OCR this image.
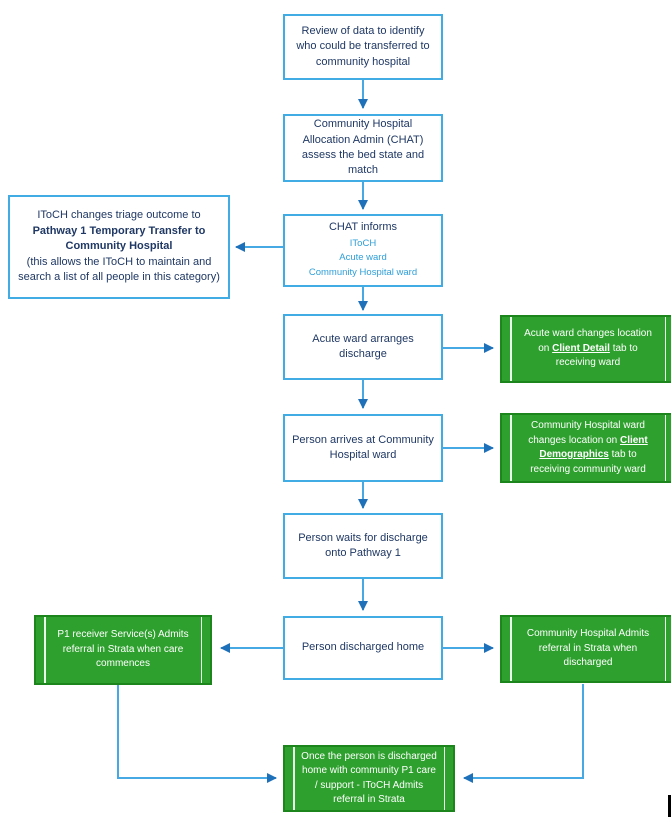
Review of data to identify who could be transferred to community hospital
Community Hospital Allocation Admin (CHAT) assess the bed state and match
CHAT informs
IToCH
Acute ward
Community Hospital ward
IToCH changes triage outcome to
Pathway 1 Temporary Transfer to Community Hospital
(this allows the IToCH to maintain and search a list of all people in this category)
Acute ward arranges discharge
Person arrives at Community Hospital ward
Person waits for discharge onto Pathway 1
Person discharged home
Acute ward changes location on Client Detail tab to receiving ward
Community Hospital ward changes location on Client Demographics tab to receiving community ward
P1 receiver Service(s) Admits referral in Strata when care commences
Community Hospital Admits referral in Strata when discharged
Once the person is discharged home with community P1 care / support - IToCH Admits referral in Strata
